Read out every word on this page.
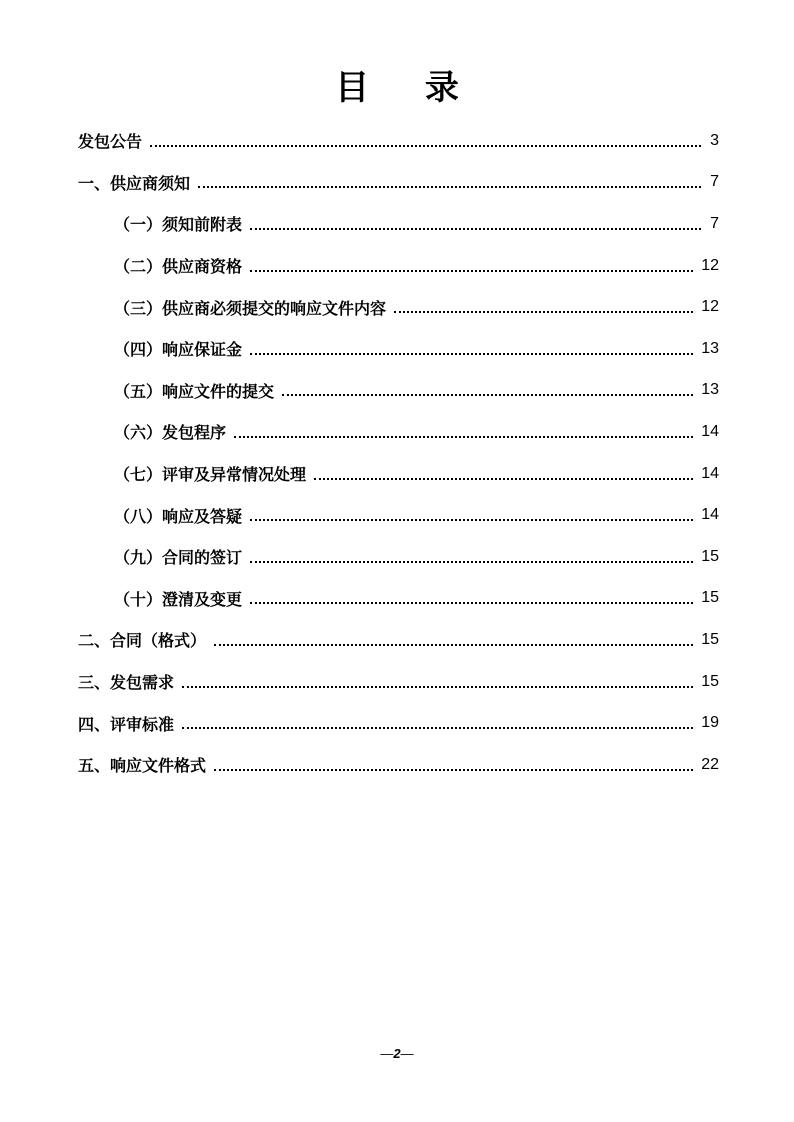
目 录
发包公告	3
一、供应商须知	7
（一）须知前附表	7
（二）供应商资格	12
（三）供应商必须提交的响应文件内容	12
（四）响应保证金	13
（五）响应文件的提交	13
（六）发包程序	14
（七）评审及异常情况处理	14
（八）响应及答疑	14
（九）合同的签订	15
（十）澄清及变更	15
二、合同（格式）	15
三、发包需求	15
四、评审标准	19
五、响应文件格式	22
—2—
